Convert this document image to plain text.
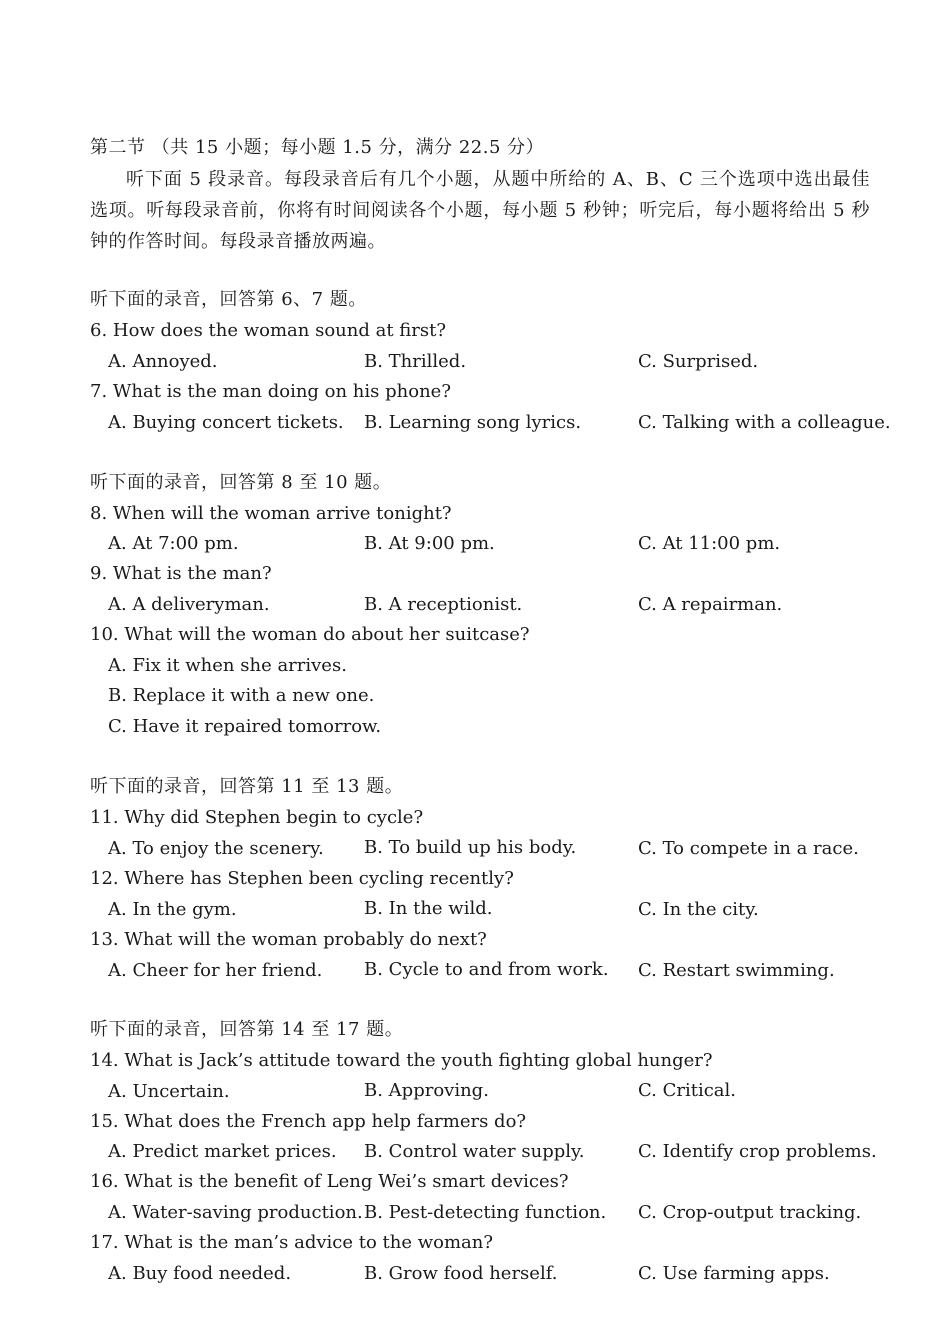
第二节 （共 15 小题；每小题 1.5 分，满分 22.5 分）
听下面 5 段录音。每段录音后有几个小题，从题中所给的 A、B、C 三个选项中选出最佳选项。听每段录音前，你将有时间阅读各个小题，每小题 5 秒钟；听完后，每小题将给出 5 秒钟的作答时间。每段录音播放两遍。
听下面的录音，回答第 6、7 题。
6. How does the woman sound at first?
A. Annoyed.	B. Thrilled.	C. Surprised.
7. What is the man doing on his phone?
A. Buying concert tickets. B. Learning song lyrics.	C. Talking with a colleague.
听下面的录音，回答第 8 至 10 题。
8. When will the woman arrive tonight?
A. At 7:00 pm.	B. At 9:00 pm.	C. At 11:00 pm.
9. What is the man?
A. A deliveryman.	B. A receptionist.	C. A repairman.
10. What will the woman do about her suitcase?
A. Fix it when she arrives.
B. Replace it with a new one.
C. Have it repaired tomorrow.
听下面的录音，回答第 11 至 13 题。
11. Why did Stephen begin to cycle?
A. To enjoy the scenery. B. To build up his body.	C. To compete in a race.
12. Where has Stephen been cycling recently?
A. In the gym.	B. In the wild.	C. In the city.
13. What will the woman probably do next?
A. Cheer for her friend. B. Cycle to and from work. C. Restart swimming.
听下面的录音，回答第 14 至 17 题。
14. What is Jack’s attitude toward the youth fighting global hunger?
A. Uncertain.	B. Approving.	C. Critical.
15. What does the French app help farmers do?
A. Predict market prices. B. Control water supply.	C. Identify crop problems.
16. What is the benefit of Leng Wei’s smart devices?
A. Water-saving production. B. Pest-detecting function. C. Crop-output tracking.
17. What is the man’s advice to the woman?
A. Buy food needed.	B. Grow food herself.	C. Use farming apps.
